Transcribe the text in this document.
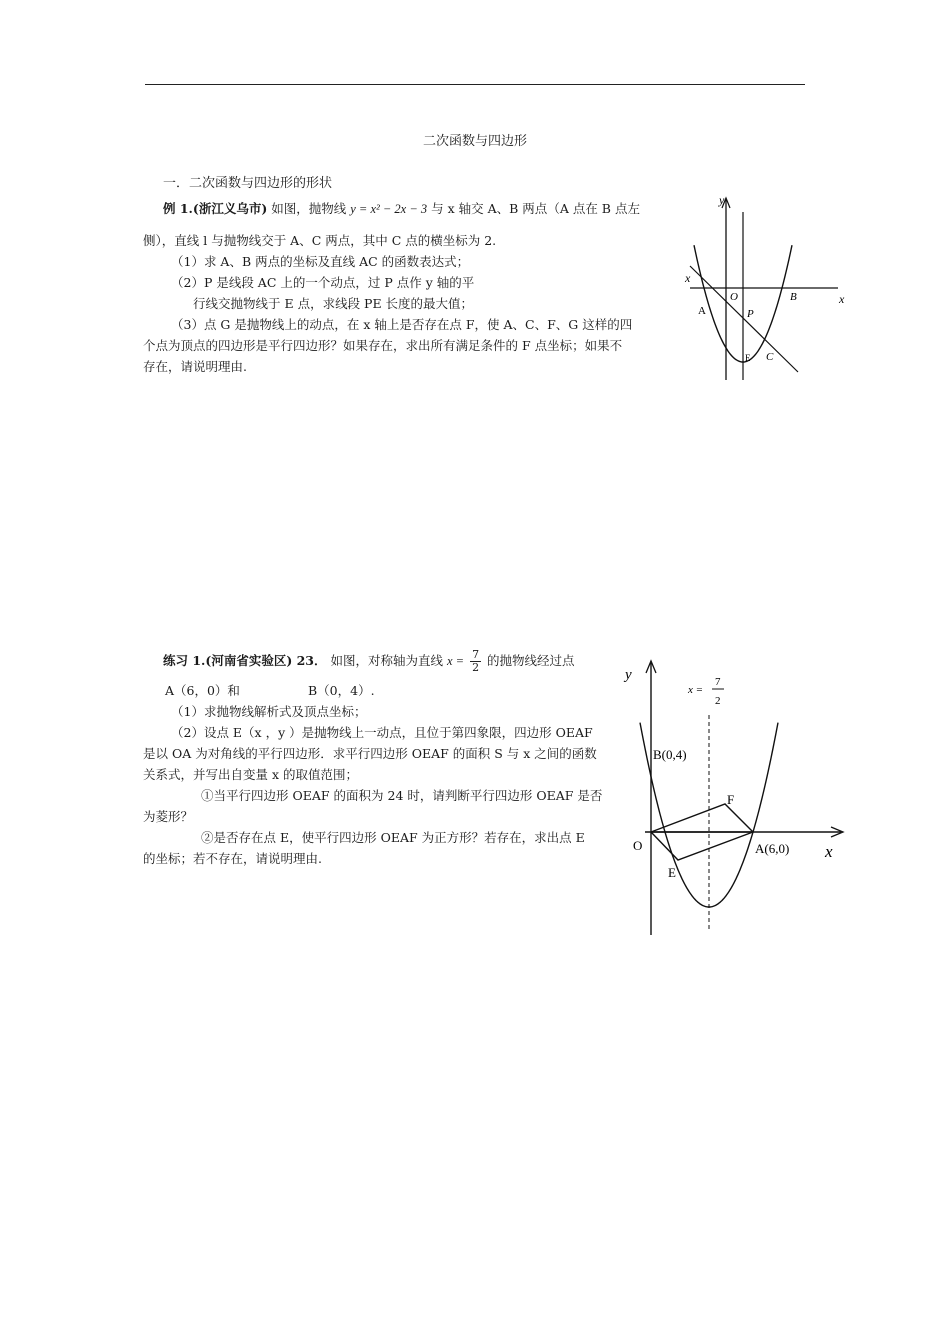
二次函数与四边形
一．二次函数与四边形的形状
例 1.(浙江义乌市) 如图，抛物线 y = x² − 2x − 3 与 x 轴交 A、B 两点（A 点在 B 点左
侧），直线 l 与抛物线交于 A、C 两点，其中 C 点的横坐标为 2.
（1）求 A、B 两点的坐标及直线 AC 的函数表达式；
（2）P 是线段 AC 上的一个动点，过 P 点作 y 轴的平
行线交抛物线于 E 点，求线段 PE 长度的最大值；
（3）点 G 是抛物线上的动点，在 x 轴上是否存在点 F，使 A、C、F、G 这样的四
个点为顶点的四边形是平行四边形？如果存在，求出所有满足条件的 F 点坐标；如果不
存在，请说明理由.
y
x
x
O
A
B
P
E C
练习 1.(河南省实验区) 23． 如图，对称轴为直线 $x = \frac{7}{2}$ 的抛物线经过点
A（6，0）和	B（0，4）.
（1）求抛物线解析式及顶点坐标；
（2）设点 E（x ，y ）是抛物线上一动点，且位于第四象限，四边形 OEAF
是以 OA 为对角线的平行四边形．求平行四边形 OEAF 的面积 S 与 x 之间的函数
关系式，并写出自变量 x 的取值范围；
①当平行四边形 OEAF 的面积为 24 时，请判断平行四边形 OEAF 是否
为菱形？
②是否存在点 E，使平行四边形 OEAF 为正方形？若存在，求出点 E
的坐标；若不存在，请说明理由.
y
x
x =
7
2
B(0,4)
O	A(6,0)
E
F
